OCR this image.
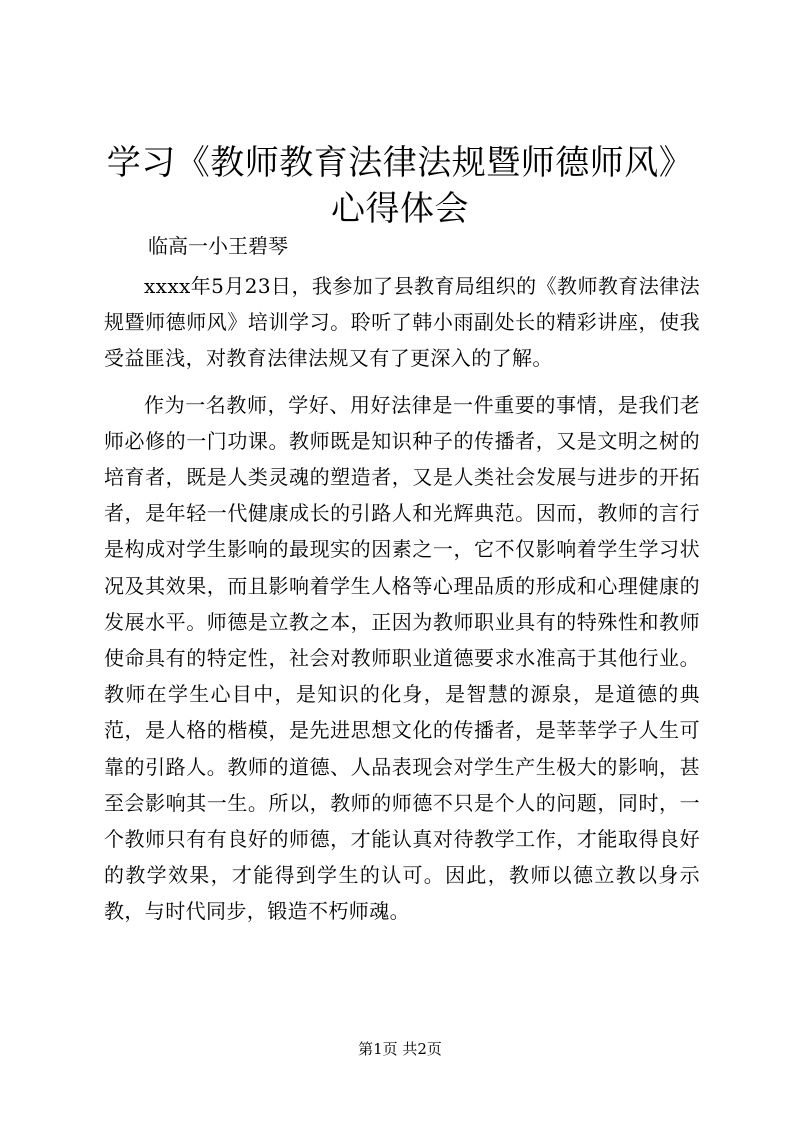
学习《教师教育法律法规暨师德师风》心得体会

临高一小王碧琴

xxxx年5月23日，我参加了县教育局组织的《教师教育法律法规暨师德师风》培训学习。聆听了韩小雨副处长的精彩讲座，使我受益匪浅，对教育法律法规又有了更深入的了解。

作为一名教师，学好、用好法律是一件重要的事情，是我们老师必修的一门功课。教师既是知识种子的传播者，又是文明之树的培育者，既是人类灵魂的塑造者，又是人类社会发展与进步的开拓者，是年轻一代健康成长的引路人和光辉典范。因而，教师的言行是构成对学生影响的最现实的因素之一，它不仅影响着学生学习状况及其效果，而且影响着学生人格等心理品质的形成和心理健康的发展水平。师德是立教之本，正因为教师职业具有的特殊性和教师使命具有的特定性，社会对教师职业道德要求水准高于其他行业。教师在学生心目中，是知识的化身，是智慧的源泉，是道德的典范，是人格的楷模，是先进思想文化的传播者，是莘莘学子人生可靠的引路人。教师的道德、人品表现会对学生产生极大的影响，甚至会影响其一生。所以，教师的师德不只是个人的问题，同时，一个教师只有有良好的师德，才能认真对待教学工作，才能取得良好的教学效果，才能得到学生的认可。因此，教师以德立教以身示教，与时代同步，锻造不朽师魂。

第1页 共2页
